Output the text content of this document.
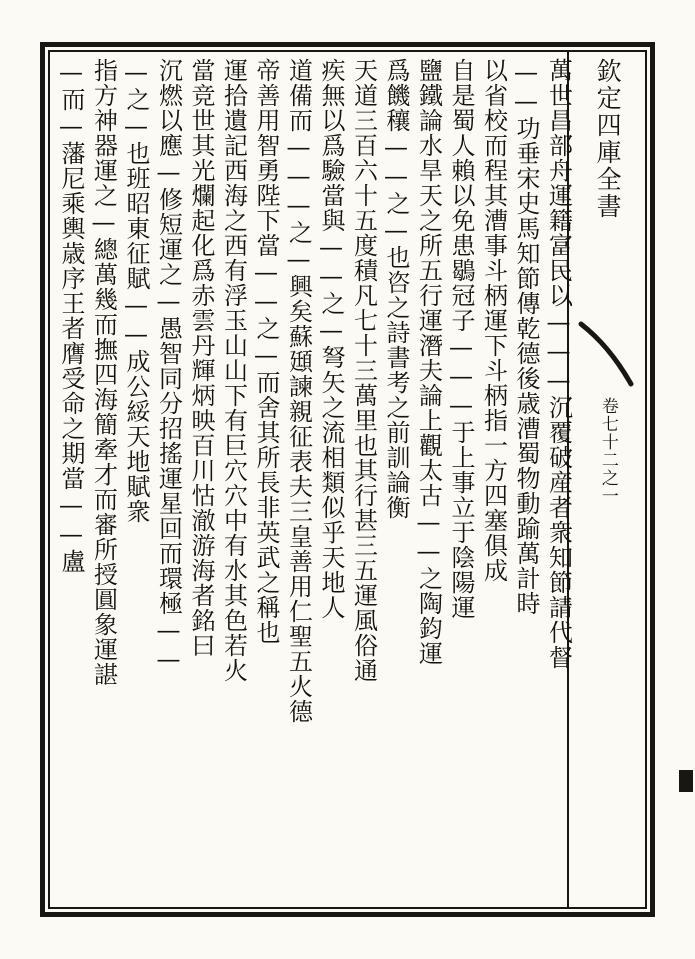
欽定四庫全書
卷七十二之一
萬世昌部舟運籍富民以———沉覆破産者衆知節請代督
——功垂宋史馬知節傳乾德後歳漕蜀物動踰萬計時
以省校而程其漕事斗柄運下斗柄指一方四塞俱成
自是蜀人賴以免患鶡冠子———于上事立于陰陽運
鹽鐵論水旱天之所五行運潛夫論上觀太古——之陶鈞運
爲饑穰——之—也咨之詩書考之前訓論衡
天道三百六十五度積凡七十三萬里也其行甚三五運風俗通
疾無以爲驗當與——之—弩矢之流相類似乎天地人
道備而———之—興矣蘇頲諫親征表夫三皇善用仁聖五火德
帝善用智勇陛下當——之—而舍其所長非英武之稱也
運拾遺記西海之西有浮玉山山下有巨穴穴中有水其色若火
當竞世其光爛起化爲赤雲丹輝炳映百川怙澈游海者銘曰
沉燃以應—修短運之—愚智同分招搖運星回而環極——
—之—也班昭東征賦——成公綏天地賦衆
指方神器運之—總萬幾而撫四海簡牽才而審所授圓象運諶
—而—藩尼乘輿歳序王者膺受命之期當——盧
